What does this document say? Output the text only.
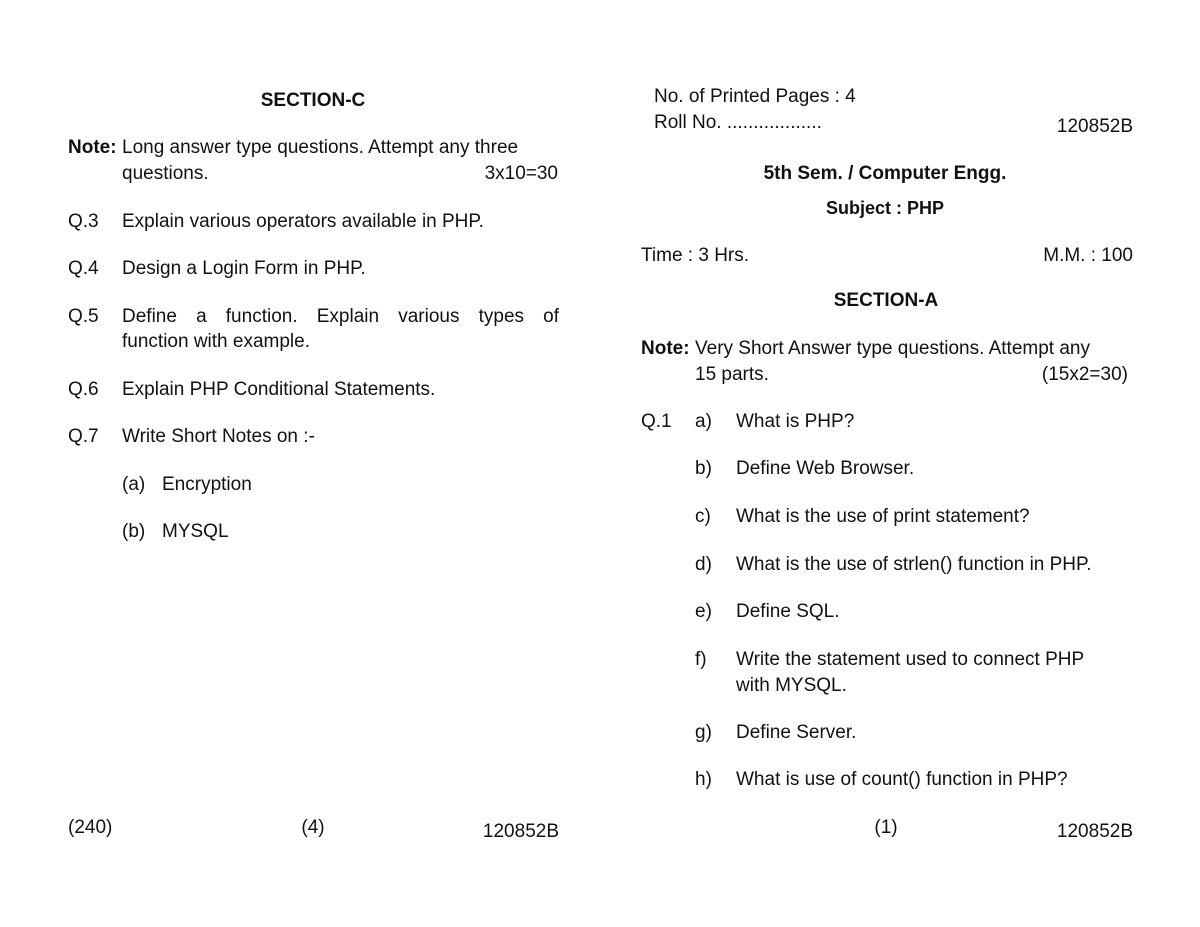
SECTION-C
Note: Long answer type questions. Attempt any three
questions.	3x10=30
Q.3 Explain various operators available in PHP.
Q.4 Design a Login Form in PHP.
Q.5 Define a function. Explain various types of
function with example.
Q.6 Explain PHP Conditional Statements.
Q.7 Write Short Notes on :-
(a) Encryption
(b) MYSQL
(240)	(4)	120852B
No. of Printed Pages : 4
Roll No. ..................	120852B
5th Sem. / Computer Engg.
Subject : PHP
Time : 3 Hrs.	M.M. : 100
SECTION-A
Note: Very Short Answer type questions. Attempt any
15 parts.	(15x2=30)
Q.1 a) What is PHP?
b) Define Web Browser.
c) What is the use of print statement?
d) What is the use of strlen() function in PHP.
e) Define SQL.
f) Write the statement used to connect PHP
with MYSQL.
g) Define Server.
h) What is use of count() function in PHP?
(1)	120852B
